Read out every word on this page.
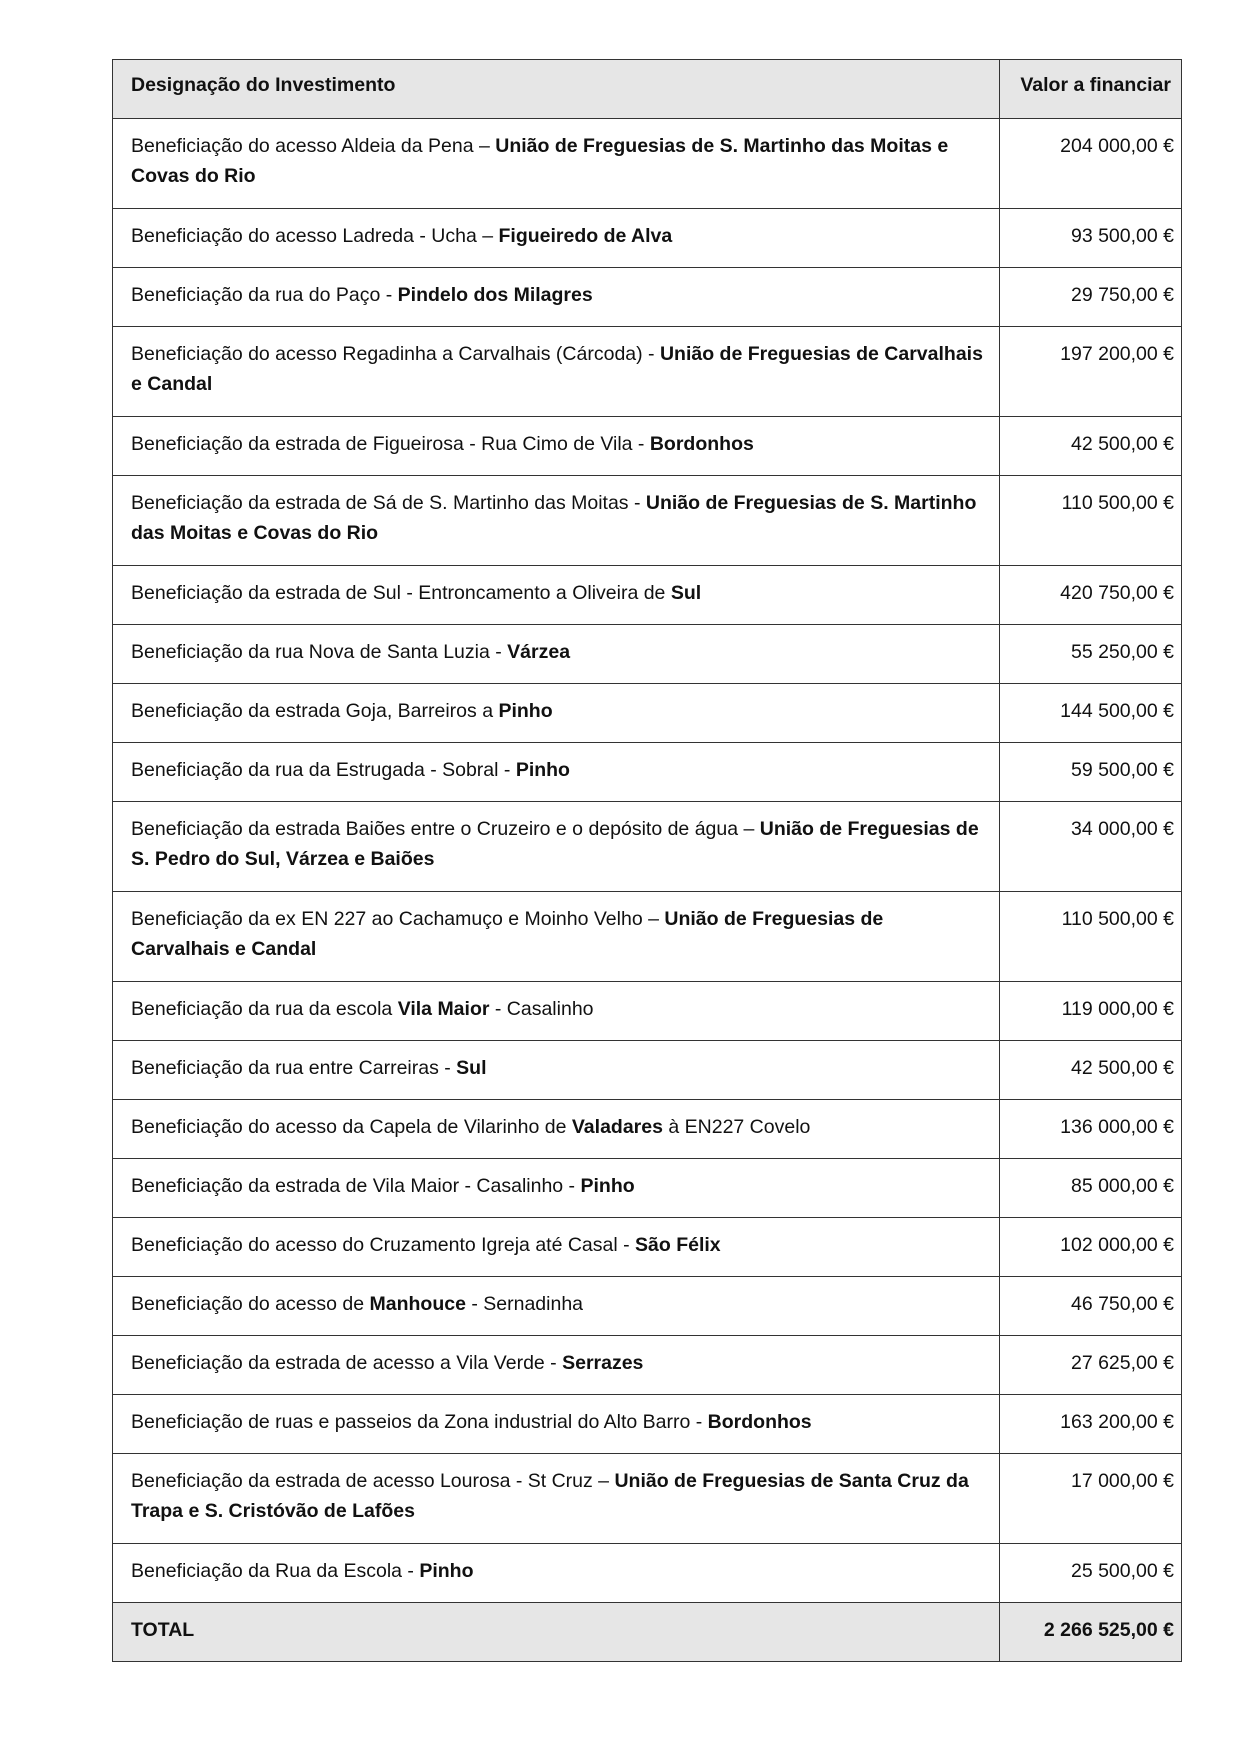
Designação do Investimento	Valor a financiar
Beneficiação do acesso Aldeia da Pena – União de Freguesias de S. Martinho das Moitas e Covas do Rio	204 000,00 €
Beneficiação do acesso Ladreda - Ucha – Figueiredo de Alva	93 500,00 €
Beneficiação da rua do Paço - Pindelo dos Milagres	29 750,00 €
Beneficiação do acesso Regadinha a Carvalhais (Cárcoda) - União de Freguesias de Carvalhais e Candal	197 200,00 €
Beneficiação da estrada de Figueirosa - Rua Cimo de Vila - Bordonhos	42 500,00 €
Beneficiação da estrada de Sá de S. Martinho das Moitas - União de Freguesias de S. Martinho das Moitas e Covas do Rio	110 500,00 €
Beneficiação da estrada de Sul - Entroncamento a Oliveira de Sul	420 750,00 €
Beneficiação da rua Nova de Santa Luzia - Várzea	55 250,00 €
Beneficiação da estrada Goja, Barreiros a Pinho	144 500,00 €
Beneficiação da rua da Estrugada - Sobral - Pinho	59 500,00 €
Beneficiação da estrada Baiões entre o Cruzeiro e o depósito de água – União de Freguesias de S. Pedro do Sul, Várzea e Baiões	34 000,00 €
Beneficiação da ex EN 227 ao Cachamuço e Moinho Velho – União de Freguesias de Carvalhais e Candal	110 500,00 €
Beneficiação da rua da escola Vila Maior - Casalinho	119 000,00 €
Beneficiação da rua entre Carreiras - Sul	42 500,00 €
Beneficiação do acesso da Capela de Vilarinho de Valadares à EN227 Covelo	136 000,00 €
Beneficiação da estrada de Vila Maior - Casalinho - Pinho	85 000,00 €
Beneficiação do acesso do Cruzamento Igreja até Casal - São Félix	102 000,00 €
Beneficiação do acesso de Manhouce - Sernadinha	46 750,00 €
Beneficiação da estrada de acesso a Vila Verde - Serrazes	27 625,00 €
Beneficiação de ruas e passeios da Zona industrial do Alto Barro - Bordonhos	163 200,00 €
Beneficiação da estrada de acesso Lourosa - St Cruz – União de Freguesias de Santa Cruz da Trapa e S. Cristóvão de Lafões	17 000,00 €
Beneficiação da Rua da Escola - Pinho	25 500,00 €
TOTAL	2 266 525,00 €
